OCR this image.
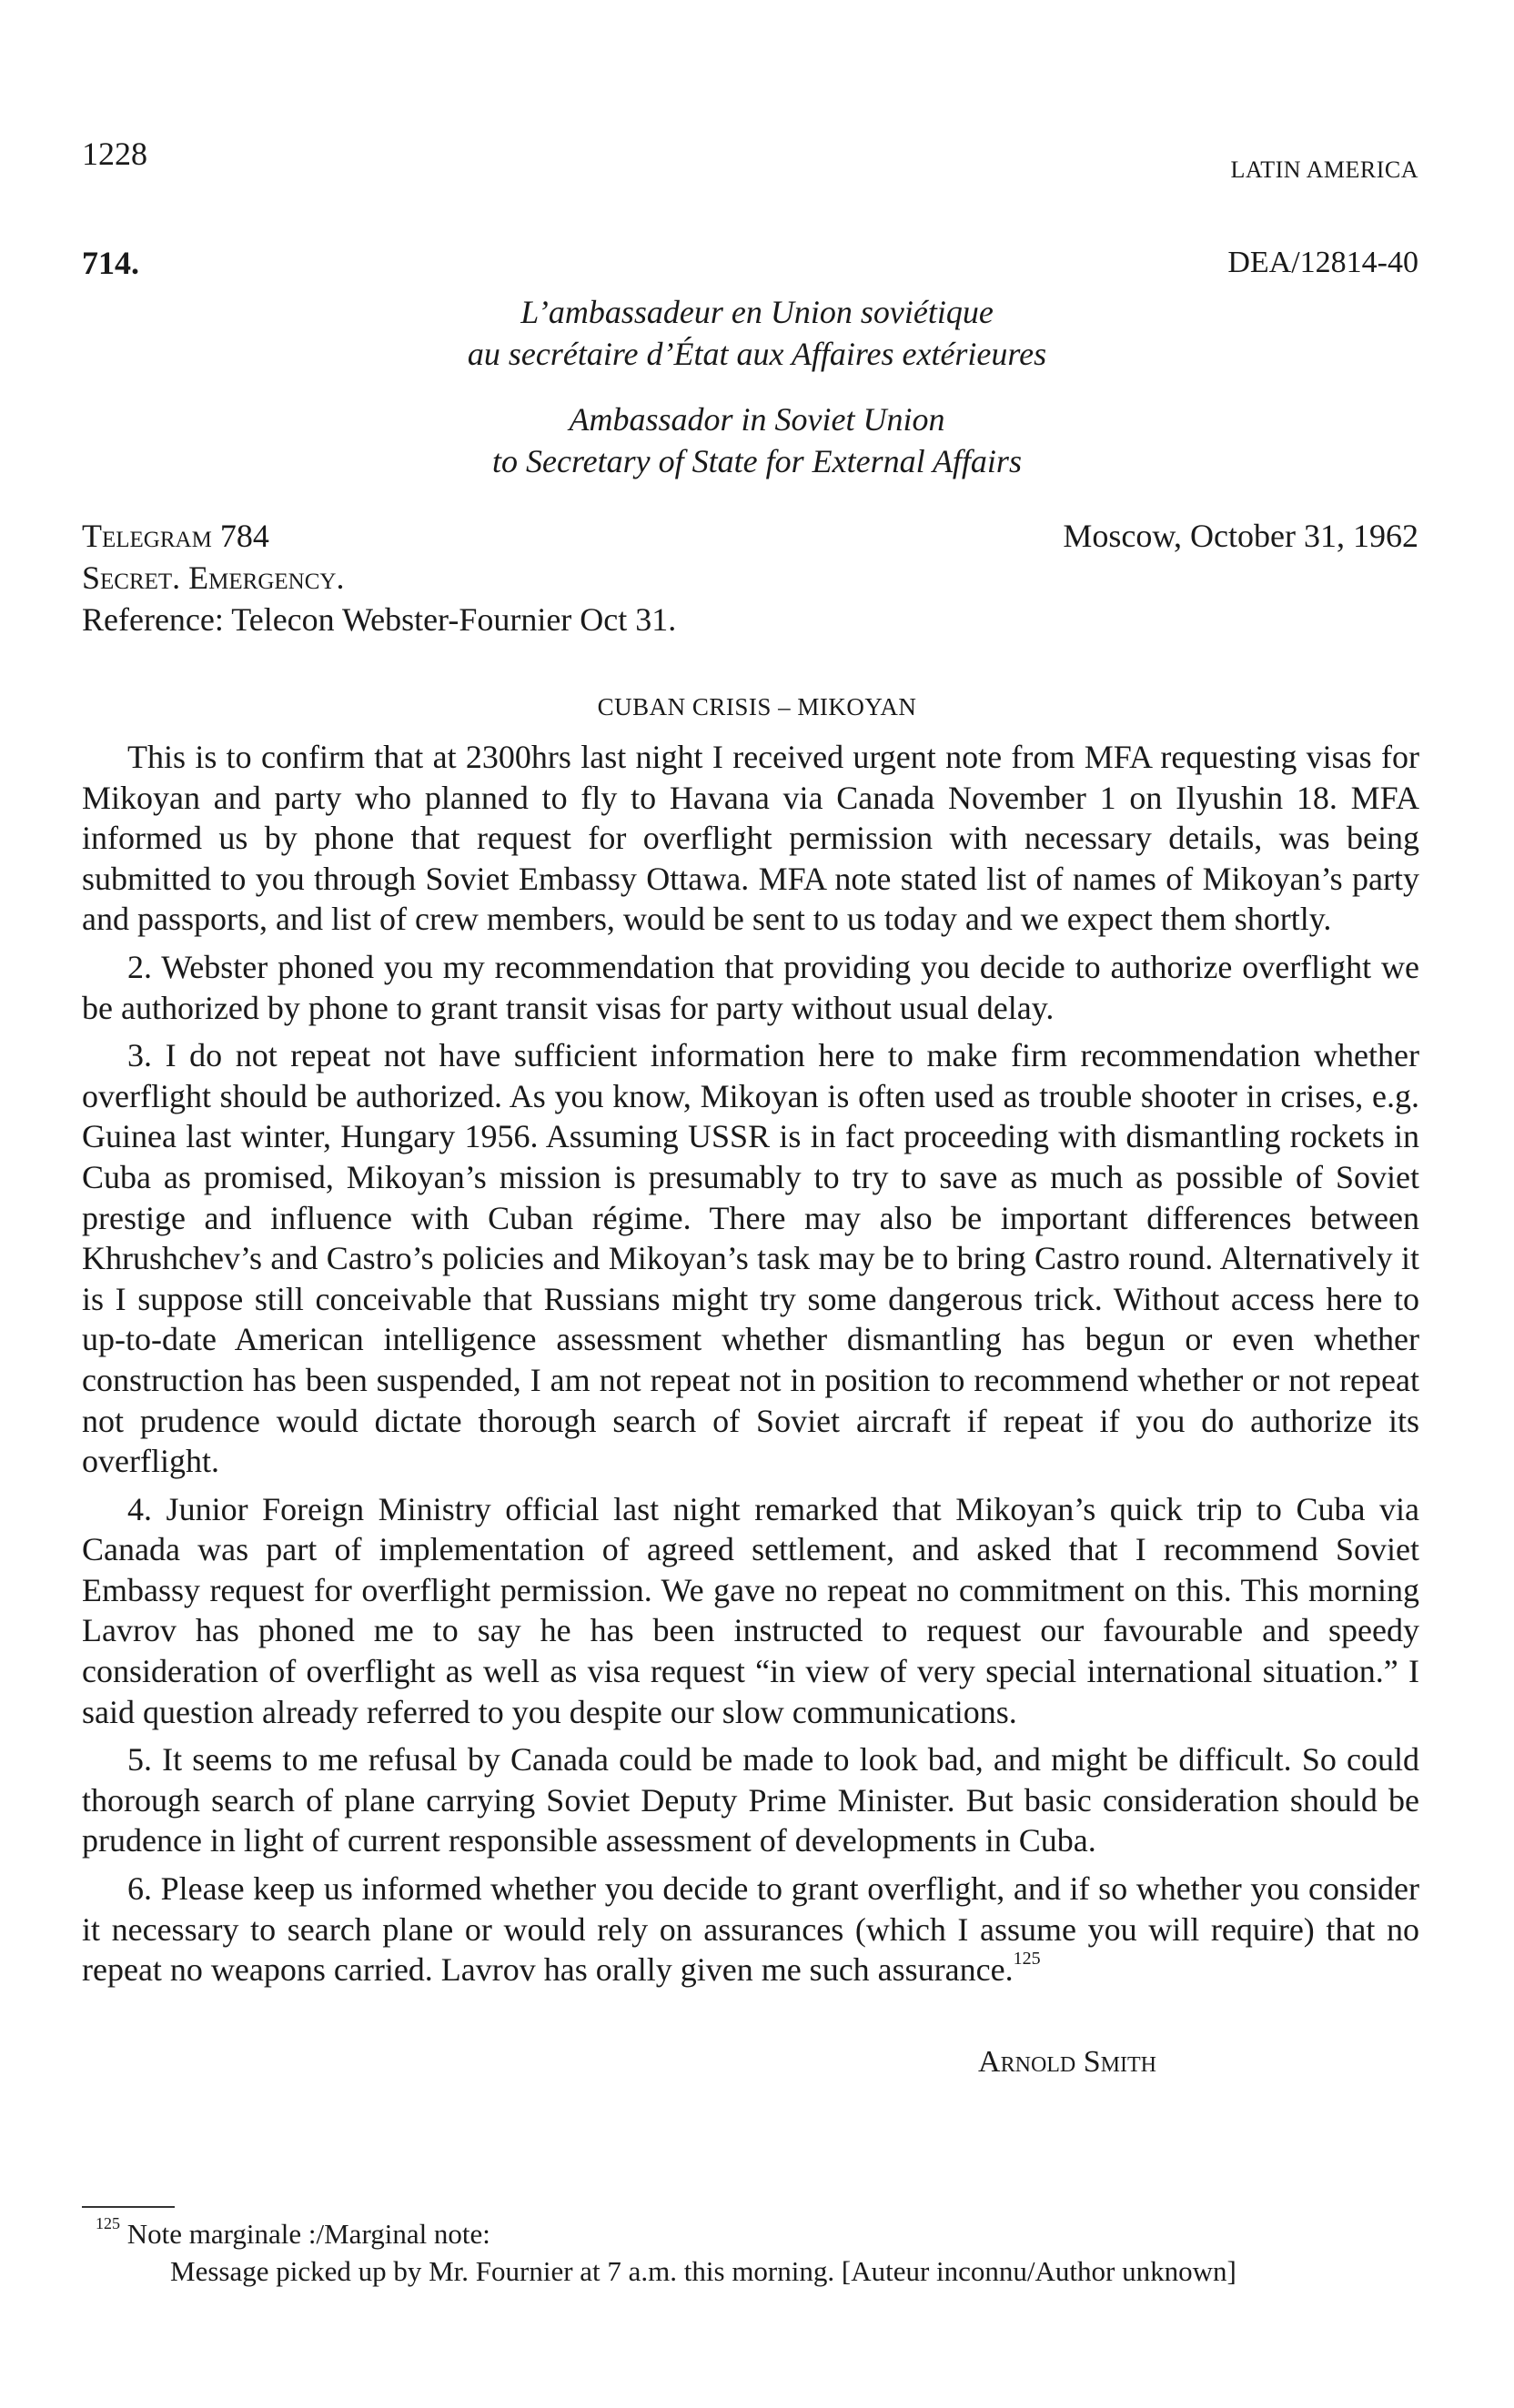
1228	LATIN AMERICA
714.	DEA/12814-40
L’ambassadeur en Union soviétique
au secrétaire d’État aux Affaires extérieures
Ambassador in Soviet Union
to Secretary of State for External Affairs
Telegram 784
Secret. Emergency.
Reference: Telecon Webster-Fournier Oct 31.
Moscow, October 31, 1962
CUBAN CRISIS – MIKOYAN

This is to confirm that at 2300hrs last night I received urgent note from MFA requesting visas for Mikoyan and party who planned to fly to Havana via Canada November 1 on Ilyushin 18. MFA informed us by phone that request for overflight permission with necessary details, was being submitted to you through Soviet Embassy Ottawa. MFA note stated list of names of Mikoyan’s party and passports, and list of crew members, would be sent to us today and we expect them shortly.

2. Webster phoned you my recommendation that providing you decide to authorize overflight we be authorized by phone to grant transit visas for party without usual delay.

3. I do not repeat not have sufficient information here to make firm recommendation whether overflight should be authorized. As you know, Mikoyan is often used as trouble shooter in crises, e.g. Guinea last winter, Hungary 1956. Assuming USSR is in fact proceeding with dismantling rockets in Cuba as promised, Mikoyan’s mission is presumably to try to save as much as possible of Soviet prestige and influence with Cuban régime. There may also be important differences between Khrushchev’s and Castro’s policies and Mikoyan’s task may be to bring Castro round. Alternatively it is I suppose still conceivable that Russians might try some dangerous trick. Without access here to up-to-date American intelligence assessment whether dismantling has begun or even whether construction has been suspended, I am not repeat not in position to recommend whether or not repeat not prudence would dictate thorough search of Soviet aircraft if repeat if you do authorize its overflight.

4. Junior Foreign Ministry official last night remarked that Mikoyan’s quick trip to Cuba via Canada was part of implementation of agreed settlement, and asked that I recommend Soviet Embassy request for overflight permission. We gave no repeat no commitment on this. This morning Lavrov has phoned me to say he has been instructed to request our favourable and speedy consideration of overflight as well as visa request “in view of very special international situation.” I said question already referred to you despite our slow communications.

5. It seems to me refusal by Canada could be made to look bad, and might be difficult. So could thorough search of plane carrying Soviet Deputy Prime Minister. But basic consideration should be prudence in light of current responsible assessment of developments in Cuba.

6. Please keep us informed whether you decide to grant overflight, and if so whether you consider it necessary to search plane or would rely on assurances (which I assume you will require) that no repeat no weapons carried. Lavrov has orally given me such assurance.$^{125}$

Arnold Smith
$^{125}$ Note marginale :/Marginal note:
Message picked up by Mr. Fournier at 7 a.m. this morning. [Auteur inconnu/Author unknown]
